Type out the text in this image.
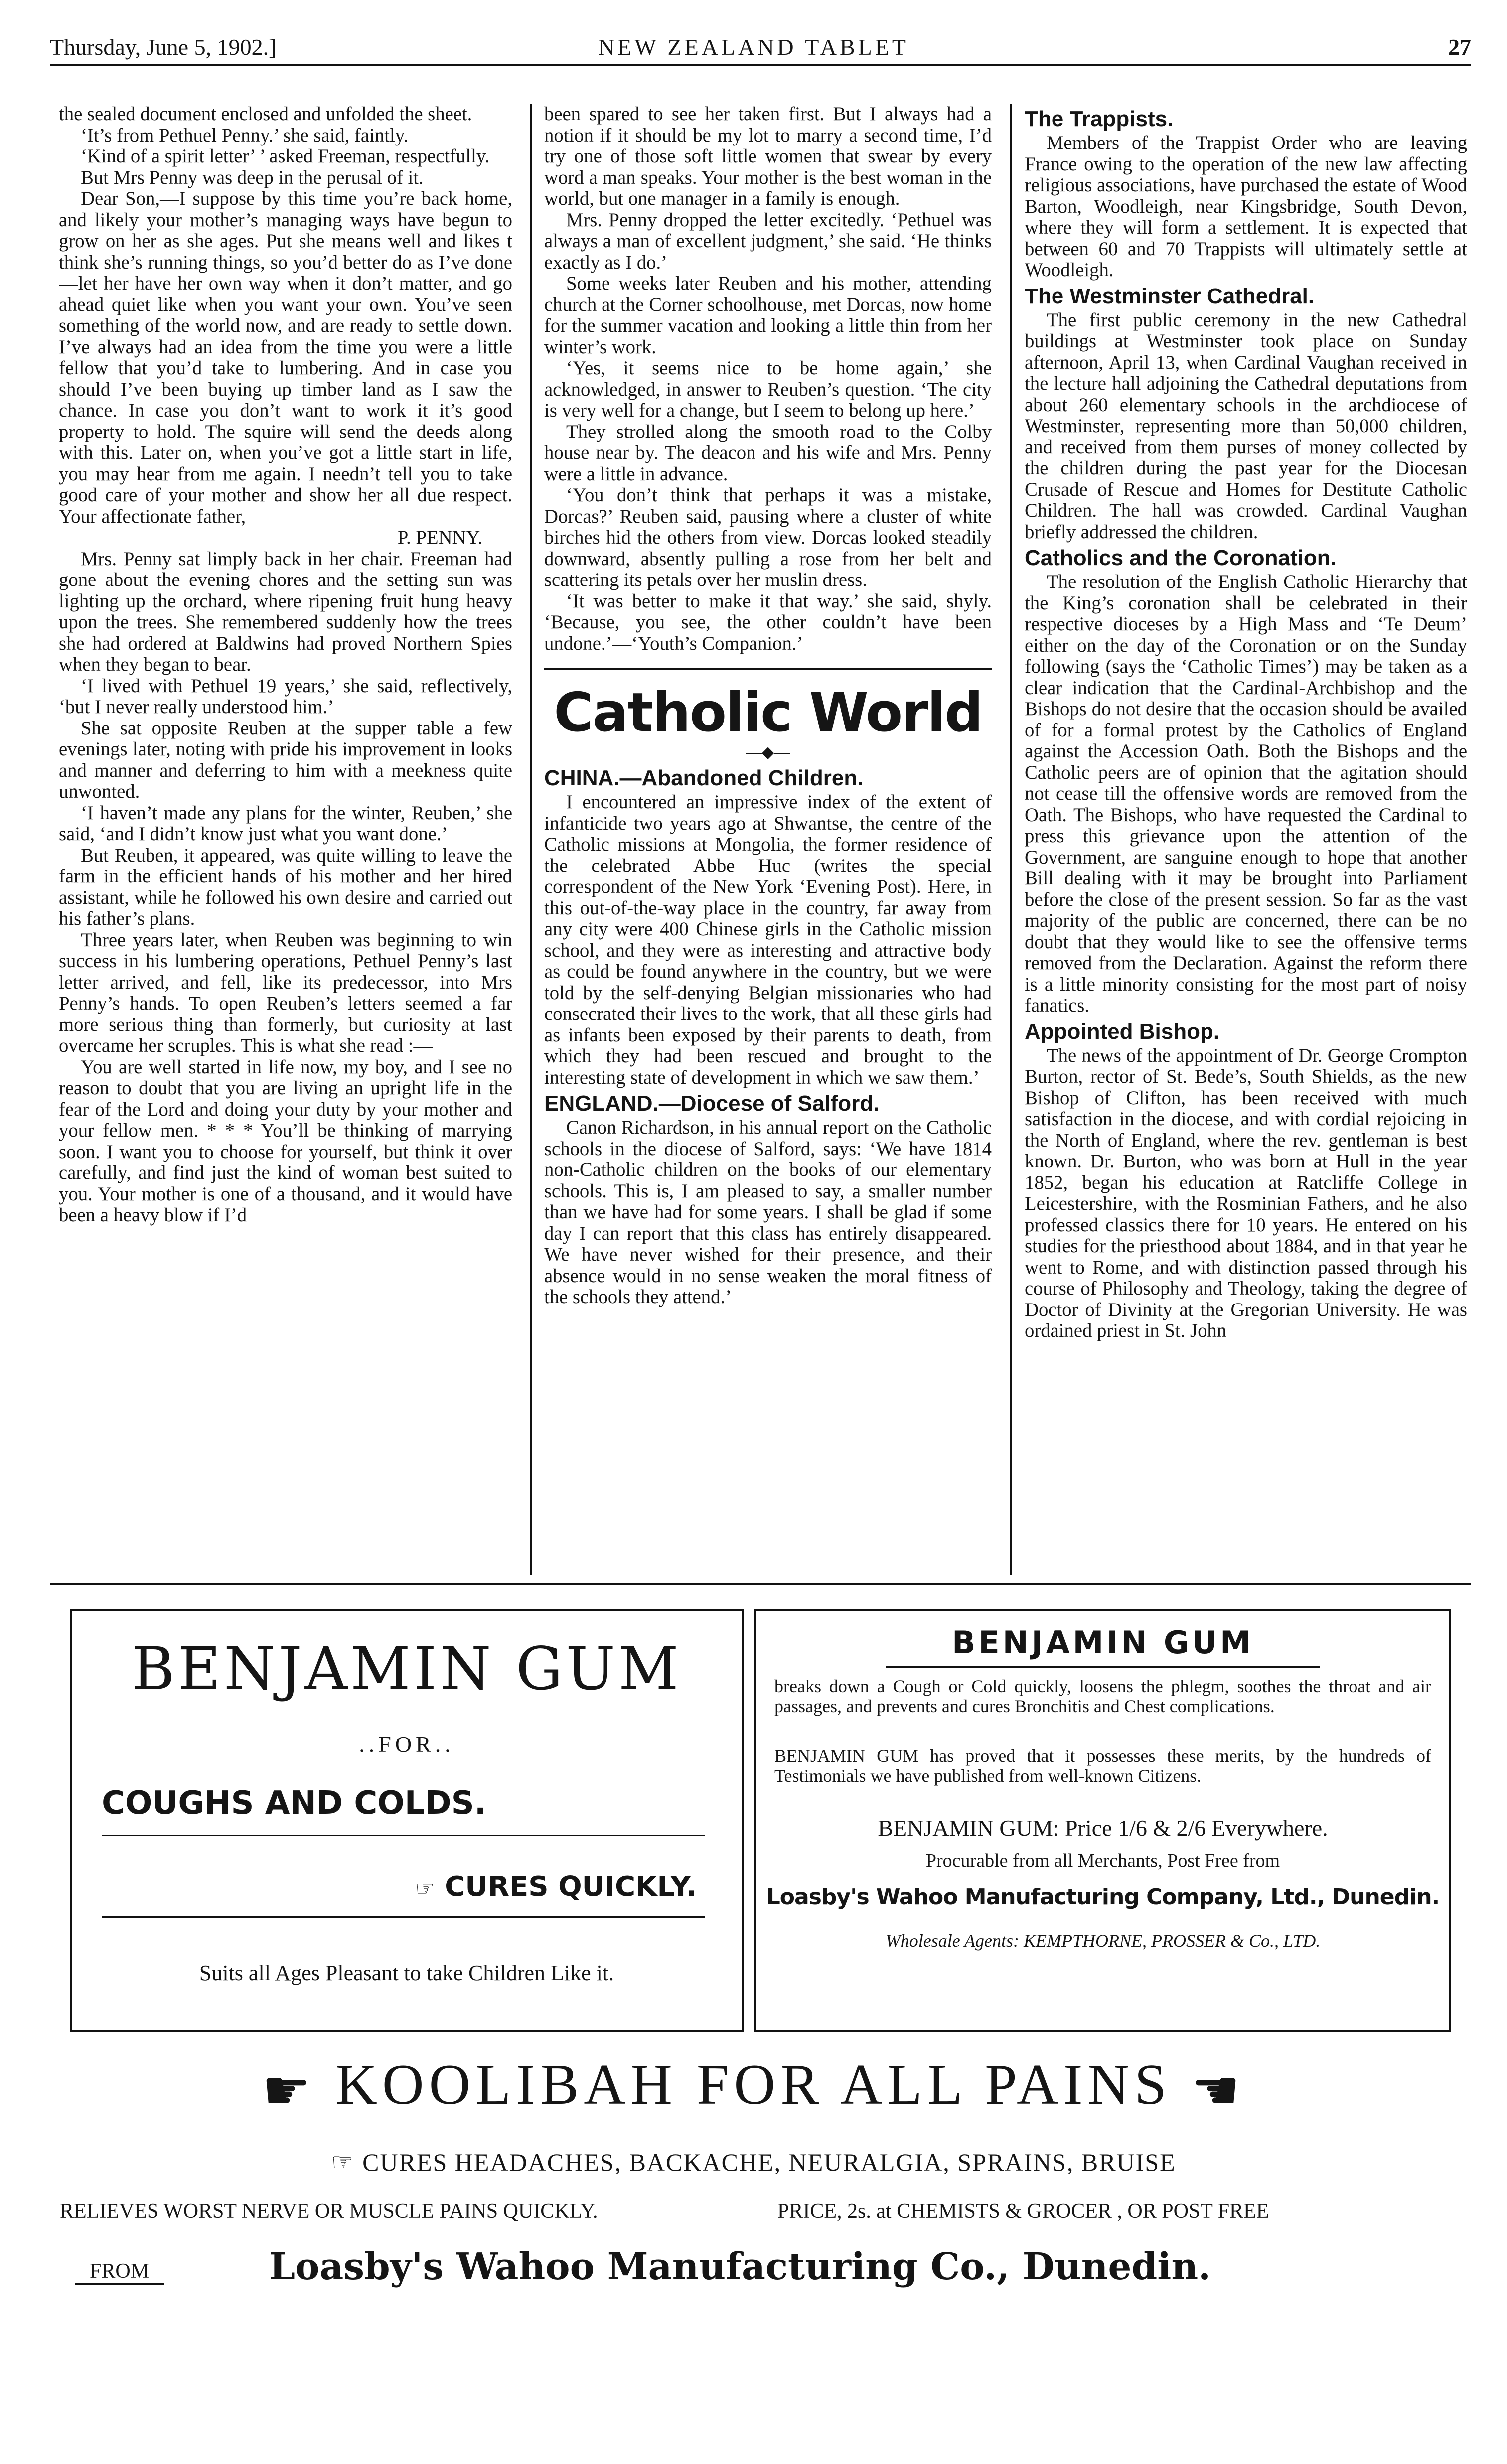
Thursday, June 5, 1902.]	NEW ZEALAND TABLET	27

the sealed document enclosed and unfolded the sheet.

‘It’s from Pethuel Penny.’ she said, faintly.

‘Kind of a spirit letter’ ’ asked Freeman, respectfully.

But Mrs Penny was deep in the perusal of it.

Dear Son,—I suppose by this time you’re back home, and likely your mother’s managing ways have begun to grow on her as she ages. Put she means well and likes t think she’s running things, so you’d better do as I’ve done—let her have her own way when it don’t matter, and go ahead quiet like when you want your own. You’ve seen something of the world now, and are ready to settle down. I’ve always had an idea from the time you were a little fellow that you’d take to lumbering. And in case you should I’ve been buying up timber land as I saw the chance. In case you don’t want to work it it’s good property to hold. The squire will send the deeds along with this. Later on, when you’ve got a little start in life, you may hear from me again. I needn’t tell you to take good care of your mother and show her all due respect. Your affectionate father,

P. PENNY.

Mrs. Penny sat limply back in her chair. Freeman had gone about the evening chores and the setting sun was lighting up the orchard, where ripening fruit hung heavy upon the trees. She remembered suddenly how the trees she had ordered at Baldwins had proved Northern Spies when they began to bear.

‘I lived with Pethuel 19 years,’ she said, reflectively, ‘but I never really understood him.’

She sat opposite Reuben at the supper table a few evenings later, noting with pride his improvement in looks and manner and deferring to him with a meekness quite unwonted.

‘I haven’t made any plans for the winter, Reuben,’ she said, ‘and I didn’t know just what you want done.’

But Reuben, it appeared, was quite willing to leave the farm in the efficient hands of his mother and her hired assistant, while he followed his own desire and carried out his father’s plans.

Three years later, when Reuben was beginning to win success in his lumbering operations, Pethuel Penny’s last letter arrived, and fell, like its predecessor, into Mrs Penny’s hands. To open Reuben’s letters seemed a far more serious thing than formerly, but curiosity at last overcame her scruples. This is what she read :—

You are well started in life now, my boy, and I see no reason to doubt that you are living an upright life in the fear of the Lord and doing your duty by your mother and your fellow men. * * * You’ll be thinking of marrying soon. I want you to choose for yourself, but think it over carefully, and find just the kind of woman best suited to you. Your mother is one of a thousand, and it would have been a heavy blow if I’d

been spared to see her taken first. But I always had a notion if it should be my lot to marry a second time, I’d try one of those soft little women that swear by every word a man speaks. Your mother is the best woman in the world, but one manager in a family is enough.

Mrs. Penny dropped the letter excitedly. ‘Pethuel was always a man of excellent judgment,’ she said. ‘He thinks exactly as I do.’

Some weeks later Reuben and his mother, attending church at the Corner schoolhouse, met Dorcas, now home for the summer vacation and looking a little thin from her winter’s work.

‘Yes, it seems nice to be home again,’ she acknowledged, in answer to Reuben’s question. ‘The city is very well for a change, but I seem to belong up here.’

They strolled along the smooth road to the Colby house near by. The deacon and his wife and Mrs. Penny were a little in advance.

‘You don’t think that perhaps it was a mistake, Dorcas?’ Reuben said, pausing where a cluster of white birches hid the others from view. Dorcas looked steadily downward, absently pulling a rose from her belt and scattering its petals over her muslin dress.

‘It was better to make it that way.’ she said, shyly. ‘Because, you see, the other couldn’t have been undone.’—‘Youth’s Companion.’

Catholic World
—◆—
CHINA.—Abandoned Children.

I encountered an impressive index of the extent of infanticide two years ago at Shwantse, the centre of the Catholic missions at Mongolia, the former residence of the celebrated Abbe Huc (writes the special correspondent of the New York ‘Evening Post). Here, in this out-of-the-way place in the country, far away from any city were 400 Chinese girls in the Catholic mission school, and they were as interesting and attractive body as could be found anywhere in the country, but we were told by the self-denying Belgian missionaries who had consecrated their lives to the work, that all these girls had as infants been exposed by their parents to death, from which they had been rescued and brought to the interesting state of development in which we saw them.’

ENGLAND.—Diocese of Salford.

Canon Richardson, in his annual report on the Catholic schools in the diocese of Salford, says: ‘We have 1814 non-Catholic children on the books of our elementary schools. This is, I am pleased to say, a smaller number than we have had for some years. I shall be glad if some day I can report that this class has entirely disappeared. We have never wished for their presence, and their absence would in no sense weaken the moral fitness of the schools they attend.’

The Trappists.

Members of the Trappist Order who are leaving France owing to the operation of the new law affecting religious associations, have purchased the estate of Wood Barton, Woodleigh, near Kingsbridge, South Devon, where they will form a settlement. It is expected that between 60 and 70 Trappists will ultimately settle at Woodleigh.

The Westminster Cathedral.

The first public ceremony in the new Cathedral buildings at Westminster took place on Sunday afternoon, April 13, when Cardinal Vaughan received in the lecture hall adjoining the Cathedral deputations from about 260 elementary schools in the archdiocese of Westminster, representing more than 50,000 children, and received from them purses of money collected by the children during the past year for the Diocesan Crusade of Rescue and Homes for Destitute Catholic Children. The hall was crowded. Cardinal Vaughan briefly addressed the children.

Catholics and the Coronation.

The resolution of the English Catholic Hierarchy that the King’s coronation shall be celebrated in their respective dioceses by a High Mass and ‘Te Deum’ either on the day of the Coronation or on the Sunday following (says the ‘Catholic Times’) may be taken as a clear indication that the Cardinal-Archbishop and the Bishops do not desire that the occasion should be availed of for a formal protest by the Catholics of England against the Accession Oath. Both the Bishops and the Catholic peers are of opinion that the agitation should not cease till the offensive words are removed from the Oath. The Bishops, who have requested the Cardinal to press this grievance upon the attention of the Government, are sanguine enough to hope that another Bill dealing with it may be brought into Parliament before the close of the present session. So far as the vast majority of the public are concerned, there can be no doubt that they would like to see the offensive terms removed from the Declaration. Against the reform there is a little minority consisting for the most part of noisy fanatics.

Appointed Bishop.

The news of the appointment of Dr. George Crompton Burton, rector of St. Bede’s, South Shields, as the new Bishop of Clifton, has been received with much satisfaction in the diocese, and with cordial rejoicing in the North of England, where the rev. gentleman is best known. Dr. Burton, who was born at Hull in the year 1852, began his education at Ratcliffe College in Leicestershire, with the Rosminian Fathers, and he also professed classics there for 10 years. He entered on his studies for the priesthood about 1884, and in that year he went to Rome, and with distinction passed through his course of Philosophy and Theology, taking the degree of Doctor of Divinity at the Gregorian University. He was ordained priest in St. John

BENJAMIN GUM
..FOR..
COUGHS AND COLDS.
☞ CURES QUICKLY.
Suits all Ages Pleasant to take Children Like it.
BENJAMIN GUM
breaks down a Cough or Cold quickly, loosens the phlegm, soothes the throat and air passages, and prevents and cures Bronchitis and Chest complications.
BENJAMIN GUM has proved that it possesses these merits, by the hundreds of Testimonials we have published from well-known Citizens.
BENJAMIN GUM: Price 1/6 & 2/6 Everywhere.
Procurable from all Merchants, Post Free from
Loasby's Wahoo Manufacturing Company, Ltd., Dunedin.
Wholesale Agents: KEMPTHORNE, PROSSER & Co., LTD.
☛ KOOLIBAH FOR ALL PAINS ☚
☞ CURES HEADACHES, BACKACHE, NEURALGIA, SPRAINS, BRUISE
RELIEVES WORST NERVE OR MUSCLE PAINS QUICKLY.	PRICE, 2s. at CHEMISTS & GROCER , OR POST FREE
FROM	Loasby's Wahoo Manufacturing Co., Dunedin.
